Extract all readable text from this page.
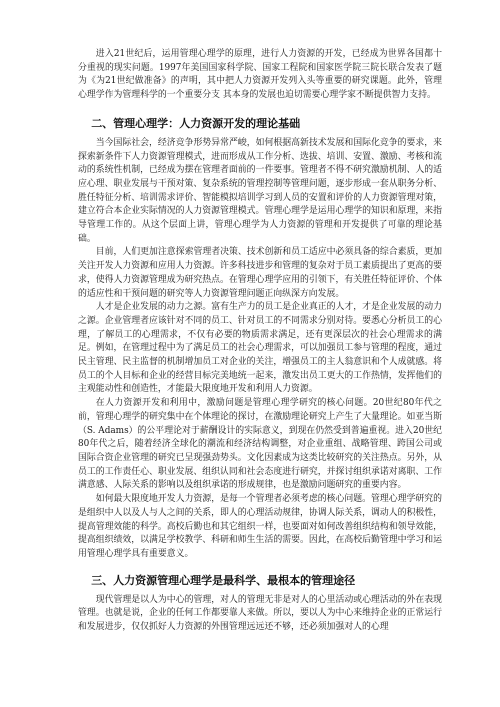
进入21世纪后，运用管理心理学的原理，进行人力资源的开发，已经成为世界各国都十分重视的现实问题。1997年美国国家科学院、国家工程院和国家医学院三院长联合发表了题为《为21世纪做准备》的声明，其中把人力资源开发列入头等重要的研究课题。此外，管理心理学作为管理科学的一个重要分支 其本身的发展也迫切需要心理学家不断提供智力支持。

二、管理心理学：人力资源开发的理论基础

当今国际社会，经济竞争形势异常严峻，如何根据高新技术发展和国际化竞争的要求，来探索新条件下人力资源管理模式，进而形成从工作分析、选拔、培训、安置、激励、考核和流动的系统性机制，已经成为摆在管理者面前的一件要事。管理者不得不研究激励机制、人的适应心理、职业发展与干预对策、复杂系统的管理控制等管理问题，逐步形成一套从职务分析、胜任特征分析、培训需求评价、智能模拟培训学习到人员的安置和评价的人力资源管理对策，建立符合本企业实际情况的人力资源管理模式。管理心理学是运用心理学的知识和原理，来指导管理工作的。从这个层面上讲，管理心理学为人力资源的管理和开发提供了可靠的理论基础。

目前，人们更加注意探索管理者决策、技术创新和员工适应中必须具备的综合素质，更加关注开发人力资源和应用人力资源。许多科技进步和管理的复杂对于员工素质提出了更高的要求，使得人力资源管理成为研究热点。在管理心理学应用的引领下，有关胜任特征评价、个体的适应性和干预问题的研究等人力资源管理问题正向纵深方向发展。

人才是企业发展的动力之源。富有生产力的员工是企业真正的人才，才是企业发展的动力之源。企业管理者应该针对不同的员工、针对员工的不同需求分别对待。要悉心分析员工的心理，了解员工的心理需求，不仅有必要的物质需求满足，还有更深层次的社会心理需求的满足。例如，在管理过程中为了满足员工的社会心理需求，可以加强员工参与管理的程度，通过民主管理、民主监督的机制增加员工对企业的关注，增强员工的主人翁意识和个人成就感。将员工的个人目标和企业的经营目标完美地统一起来，激发出员工更大的工作热情，发挥他们的主观能动性和创造性，才能最大限度地开发和利用人力资源。

在人力资源开发和利用中，激励问题是管理心理学研究的核心问题。20世纪80年代之前，管理心理学的研究集中在个体理论的探讨，在激励理论研究上产生了大量理论。如亚当斯（S. Adams）的公平理论对于薪酬设计的实际意义，到现在仍然受到普遍重视。进入20世纪80年代之后，随着经济全球化的潮流和经济结构调整，对企业重组、战略管理、跨国公司或国际合资企业管理的研究已呈现强劲势头。文化因素成为这类比较研究的关注热点。另外，从员工的工作责任心、职业发展、组织认同和社会态度进行研究，并探讨组织承诺对离职、工作满意感、人际关系的影响以及组织承诺的形成规律，也是激励问题研究的重要内容。

如何最大限度地开发人力资源，是每一个管理者必须考虑的核心问题。管理心理学研究的是组织中人以及人与人之间的关系，即人的心理活动规律，协调人际关系，调动人的积极性，提高管理效能的科学。高校后勤也和其它组织一样，也要面对如何改善组织结构和领导效能，提高组织绩效，以满足学校教学、科研和师生生活的需要。因此，在高校后勤管理中学习和运用管理心理学具有重要意义。

三、人力资源管理心理学是最科学、最根本的管理途径

现代管理是以人为中心的管理，对人的管理无非是对人的心里活动或心理活动的外在表现管理。也就是说，企业的任何工作都要靠人来做。所以，要以人为中心来维持企业的正常运行和发展进步，仅仅抓好人力资源的外围管理远远还不够，还必须加强对人的心理
